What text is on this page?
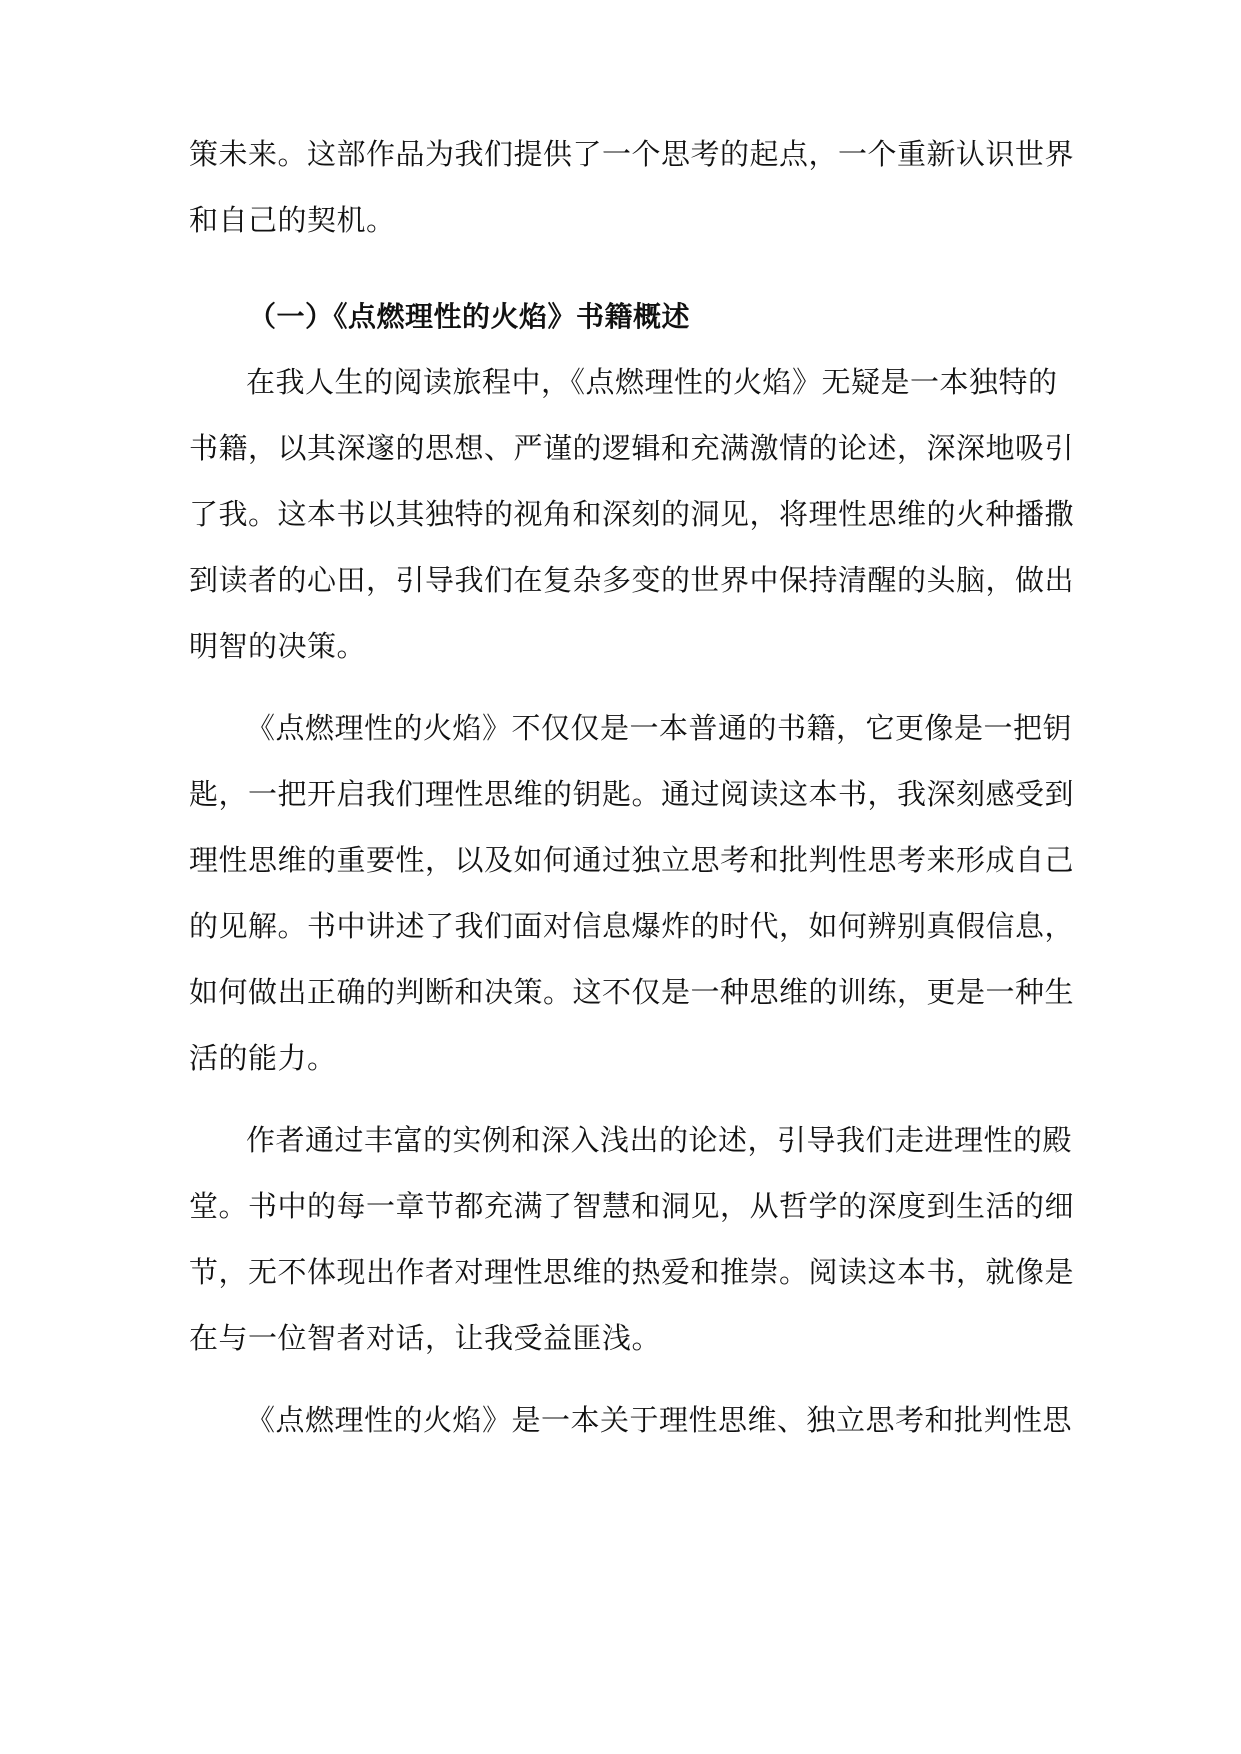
策未来。这部作品为我们提供了一个思考的起点，一个重新认识世界
和自己的契机。
（一）《点燃理性的火焰》书籍概述
在我人生的阅读旅程中，《点燃理性的火焰》无疑是一本独特的
书籍，以其深邃的思想、严谨的逻辑和充满激情的论述，深深地吸引
了我。这本书以其独特的视角和深刻的洞见，将理性思维的火种播撒
到读者的心田，引导我们在复杂多变的世界中保持清醒的头脑，做出
明智的决策。
《点燃理性的火焰》不仅仅是一本普通的书籍，它更像是一把钥
匙，一把开启我们理性思维的钥匙。通过阅读这本书，我深刻感受到
理性思维的重要性，以及如何通过独立思考和批判性思考来形成自己
的见解。书中讲述了我们面对信息爆炸的时代，如何辨别真假信息，
如何做出正确的判断和决策。这不仅是一种思维的训练，更是一种生
活的能力。
作者通过丰富的实例和深入浅出的论述，引导我们走进理性的殿
堂。书中的每一章节都充满了智慧和洞见，从哲学的深度到生活的细
节，无不体现出作者对理性思维的热爱和推崇。阅读这本书，就像是
在与一位智者对话，让我受益匪浅。
《点燃理性的火焰》是一本关于理性思维、独立思考和批判性思
